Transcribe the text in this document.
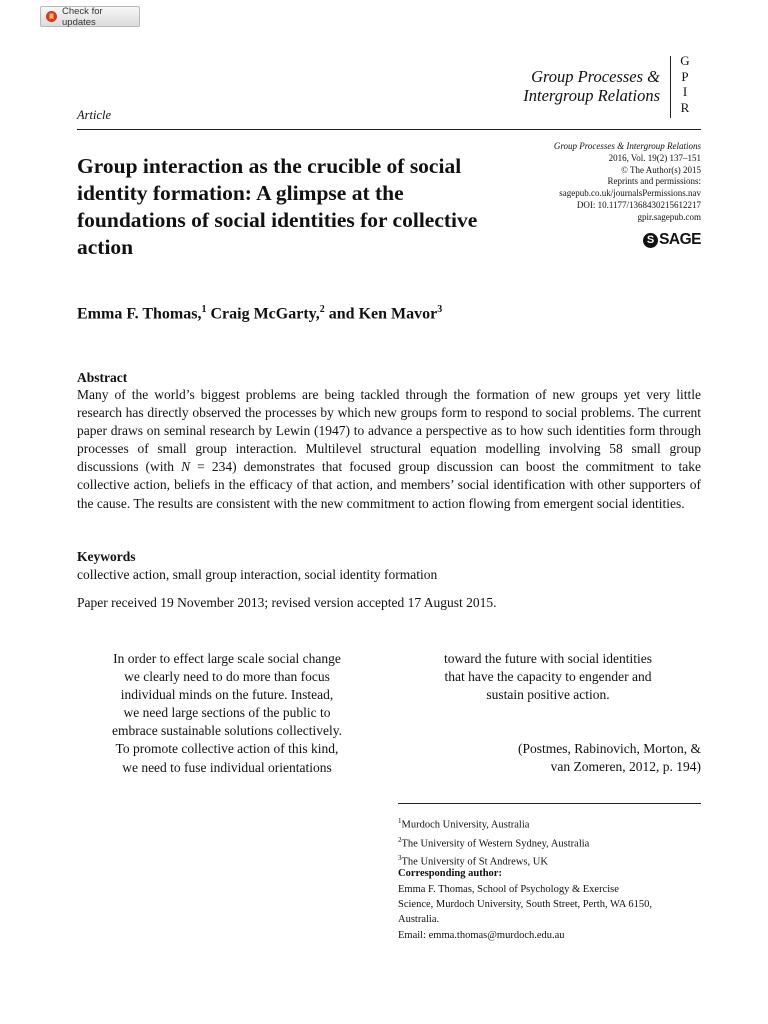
Check for updates
Group Processes &
Intergroup Relations
G
P
I
R
Article
Group Processes & Intergroup Relations
2016, Vol. 19(2) 137–151
© The Author(s) 2015
Reprints and permissions:
sagepub.co.uk/journalsPermissions.nav
DOI: 10.1177/1368430215612217
gpir.sagepub.com
S SAGE
Group interaction as the crucible of social identity formation: A glimpse at the foundations of social identities for collective action
Emma F. Thomas,$^1$ Craig McGarty,$^2$ and Ken Mavor$^3$
Abstract
Many of the world’s biggest problems are being tackled through the formation of new groups yet very little research has directly observed the processes by which new groups form to respond to social problems. The current paper draws on seminal research by Lewin (1947) to advance a perspective as to how such identities form through processes of small group interaction. Multilevel structural equation modelling involving 58 small group discussions (with N = 234) demonstrates that focused group discussion can boost the commitment to take collective action, beliefs in the efficacy of that action, and members’ social identification with other supporters of the cause. The results are consistent with the new commitment to action flowing from emergent social identities.
Keywords
collective action, small group interaction, social identity formation
Paper received 19 November 2013; revised version accepted 17 August 2015.
In order to effect large scale social change
we clearly need to do more than focus
individual minds on the future. Instead,
we need large sections of the public to
embrace sustainable solutions collectively.
To promote collective action of this kind,
we need to fuse individual orientations
toward the future with social identities
that have the capacity to engender and
sustain positive action.
(Postmes, Rabinovich, Morton, &
van Zomeren, 2012, p. 194)
$^1$Murdoch University, Australia
$^2$The University of Western Sydney, Australia
$^3$The University of St Andrews, UK
Corresponding author:
Emma F. Thomas, School of Psychology & Exercise
Science, Murdoch University, South Street, Perth, WA 6150,
Australia.
Email: emma.thomas@murdoch.edu.au
